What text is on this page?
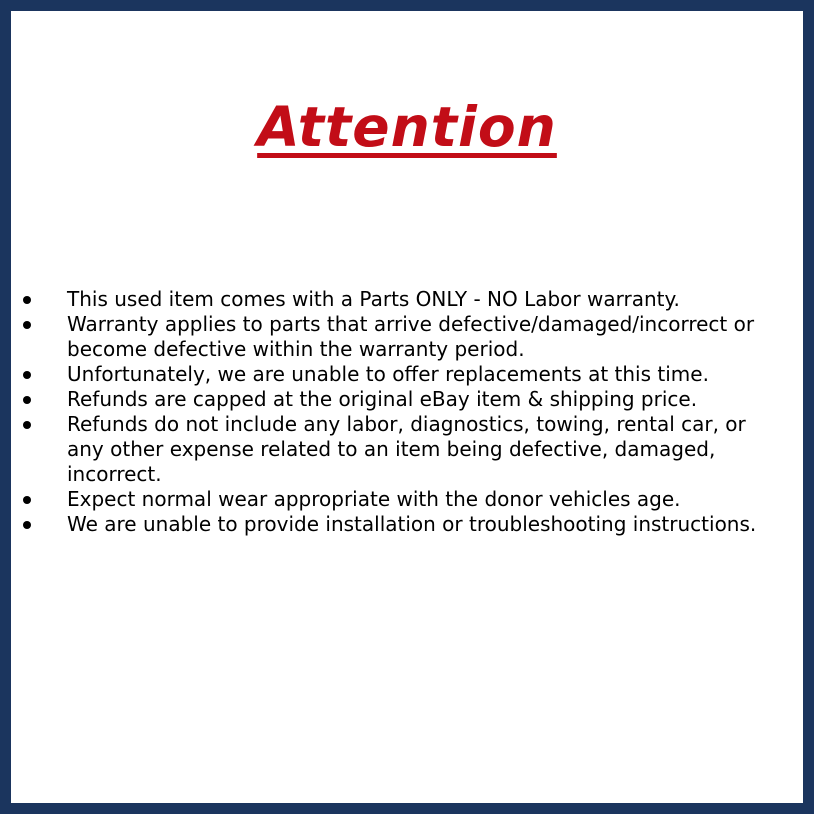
Attention
This used item comes with a Parts ONLY - NO Labor warranty.
Warranty applies to parts that arrive defective/damaged/incorrect or become defective within the warranty period.
Unfortunately, we are unable to offer replacements at this time.
Refunds are capped at the original eBay item & shipping price.
Refunds do not include any labor, diagnostics, towing, rental car, or any other expense related to an item being defective, damaged, incorrect.
Expect normal wear appropriate with the donor vehicles age.
We are unable to provide installation or troubleshooting instructions.
